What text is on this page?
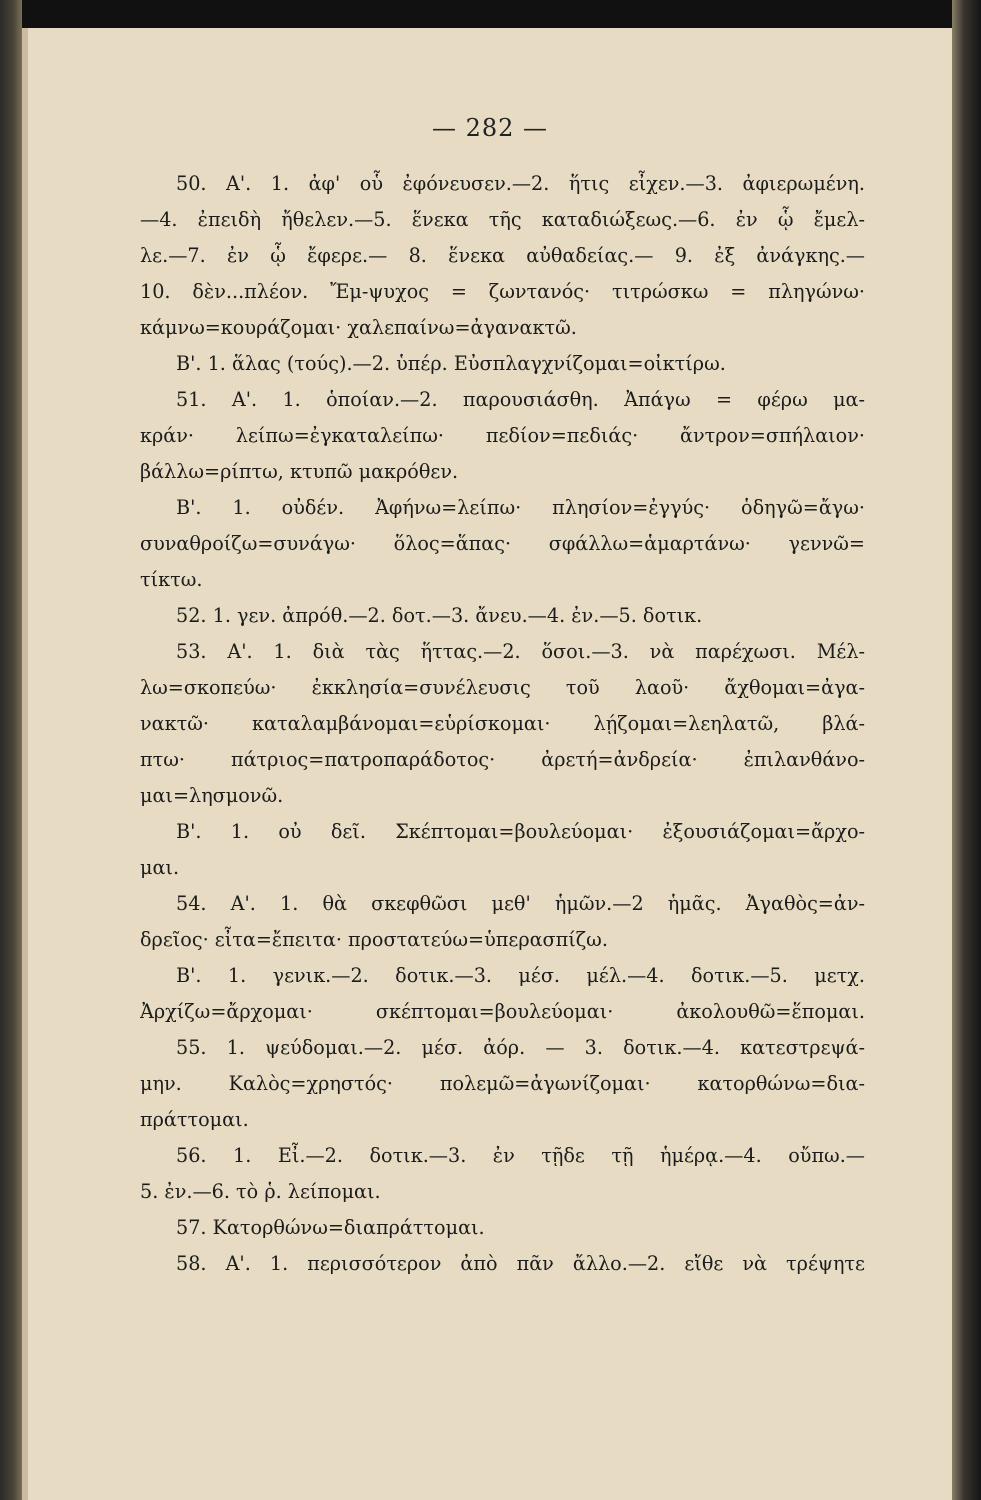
— 282 —
50. Α'. 1. ἀφ' οὗ ἐφόνευσεν.—2. ἥτις εἶχεν.—3. ἀφιερωμένη.
—4. ἐπειδὴ ἤθελεν.—5. ἕνεκα τῆς καταδιώξεως.—6. ἐν ᾧ ἔμελ-
λε.—7. ἐν ᾧ ἔφερε.— 8. ἕνεκα αὐθαδείας.— 9. ἐξ ἀνάγκης.—
10. δὲν...πλέον. Ἔμ-ψυχος = ζωντανός· τιτρώσκω = πληγώνω·
κάμνω=κουράζομαι· χαλεπαίνω=ἀγανακτῶ.
Β'. 1. ἅλας (τούς).—2. ὑπέρ. Εὐσπλαγχνίζομαι=οἰκτίρω.
51. Α'. 1. ὁποίαν.—2. παρουσιάσθη. Ἀπάγω = φέρω μα-
κράν· λείπω=ἐγκαταλείπω· πεδίον=πεδιάς· ἄντρον=σπήλαιον·
βάλλω=ρίπτω, κτυπῶ μακρόθεν.
Β'. 1. οὐδέν. Ἀφήνω=λείπω· πλησίον=ἐγγύς· ὁδηγῶ=ἄγω·
συναθροίζω=συνάγω· ὅλος=ἅπας· σφάλλω=ἁμαρτάνω· γεννῶ=
τίκτω.
52. 1. γεν. ἀπρόθ.—2. δοτ.—3. ἄνευ.—4. ἐν.—5. δοτικ.
53. Α'. 1. διὰ τὰς ἥττας.—2. ὅσοι.—3. νὰ παρέχωσι. Μέλ-
λω=σκοπεύω· ἐκκλησία=συνέλευσις τοῦ λαοῦ· ἄχθομαι=ἀγα-
νακτῶ· καταλαμβάνομαι=εὑρίσκομαι· λῄζομαι=λεηλατῶ, βλά-
πτω· πάτριος=πατροπαράδοτος· ἀρετή=ἀνδρεία· ἐπιλανθάνο-
μαι=λησμονῶ.
Β'. 1. οὐ δεῖ. Σκέπτομαι=βουλεύομαι· ἐξουσιάζομαι=ἄρχο-
μαι.
54. Α'. 1. θὰ σκεφθῶσι μεθ' ἡμῶν.—2 ἡμᾶς. Ἀγαθὸς=ἀν-
δρεῖος· εἶτα=ἔπειτα· προστατεύω=ὑπερασπίζω.
Β'. 1. γενικ.—2. δοτικ.—3. μέσ. μέλ.—4. δοτικ.—5. μετχ.
Ἀρχίζω=ἄρχομαι· σκέπτομαι=βουλεύομαι· ἀκολουθῶ=ἕπομαι.
55. 1. ψεύδομαι.—2. μέσ. ἀόρ. — 3. δοτικ.—4. κατεστρεψά-
μην. Καλὸς=χρηστός· πολεμῶ=ἀγωνίζομαι· κατορθώνω=δια-
πράττομαι.
56. 1. Εἶ.—2. δοτικ.—3. ἐν τῇδε τῇ ἡμέρᾳ.—4. οὔπω.—
5. ἐν.—6. τὸ ῥ. λείπομαι.
57. Κατορθώνω=διαπράττομαι.
58. Α'. 1. περισσότερον ἀπὸ πᾶν ἄλλο.—2. εἴθε νὰ τρέψητε
